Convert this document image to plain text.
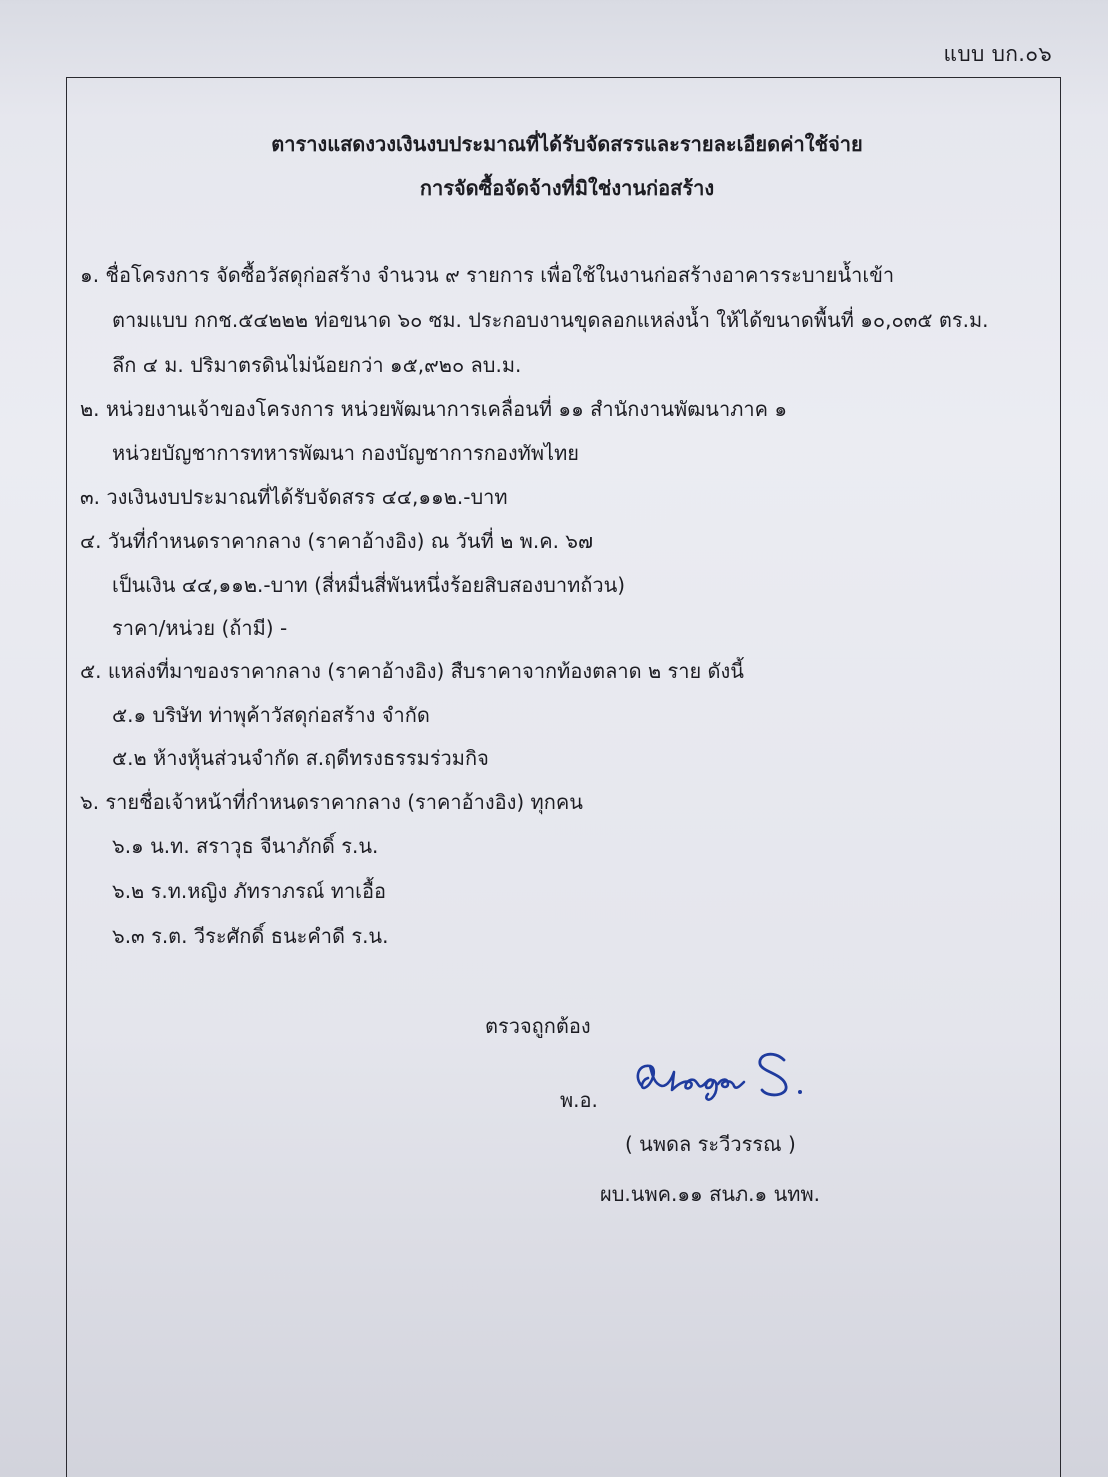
แบบ บก.๐๖
ตารางแสดงวงเงินงบประมาณที่ได้รับจัดสรรและรายละเอียดค่าใช้จ่าย
การจัดซื้อจัดจ้างที่มิใช่งานก่อสร้าง
๑. ชื่อโครงการ จัดซื้อวัสดุก่อสร้าง จำนวน ๙ รายการ เพื่อใช้ในงานก่อสร้างอาคารระบายน้ำเข้า
ตามแบบ กกช.๕๔๒๒๒ ท่อขนาด ๖๐ ซม. ประกอบงานขุดลอกแหล่งน้ำ ให้ได้ขนาดพื้นที่ ๑๐,๐๓๕ ตร.ม.
ลึก ๔ ม. ปริมาตรดินไม่น้อยกว่า ๑๕,๙๒๐ ลบ.ม.
๒. หน่วยงานเจ้าของโครงการ หน่วยพัฒนาการเคลื่อนที่ ๑๑ สำนักงานพัฒนาภาค ๑
หน่วยบัญชาการทหารพัฒนา กองบัญชาการกองทัพไทย
๓. วงเงินงบประมาณที่ได้รับจัดสรร ๔๔,๑๑๒.-บาท
๔. วันที่กำหนดราคากลาง (ราคาอ้างอิง) ณ วันที่ ๒ พ.ค. ๖๗
เป็นเงิน ๔๔,๑๑๒.-บาท (สี่หมื่นสี่พันหนึ่งร้อยสิบสองบาทถ้วน)
ราคา/หน่วย (ถ้ามี) -
๕. แหล่งที่มาของราคากลาง (ราคาอ้างอิง) สืบราคาจากท้องตลาด ๒ ราย ดังนี้
๕.๑ บริษัท ท่าพุค้าวัสดุก่อสร้าง จำกัด
๕.๒ ห้างหุ้นส่วนจำกัด ส.ฤดีทรงธรรมร่วมกิจ
๖. รายชื่อเจ้าหน้าที่กำหนดราคากลาง (ราคาอ้างอิง) ทุกคน
๖.๑ น.ท. สราวุธ จีนาภักดิ์ ร.น.
๖.๒ ร.ท.หญิง ภัทราภรณ์ ทาเอื้อ
๖.๓ ร.ต. วีระศักดิ์ ธนะคำดี ร.น.
ตรวจถูกต้อง
พ.อ.
( นพดล ระวีวรรณ )
ผบ.นพค.๑๑ สนภ.๑ นทพ.
